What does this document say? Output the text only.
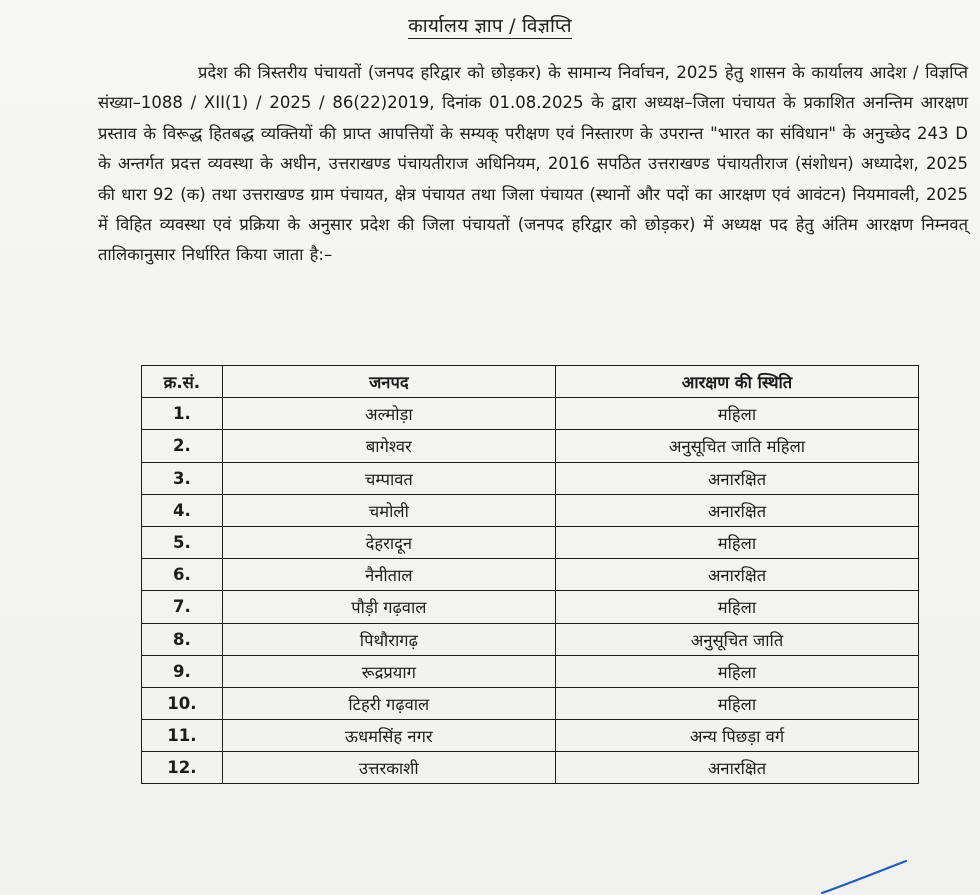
कार्यालय ज्ञाप / विज्ञप्ति
प्रदेश की त्रिस्तरीय पंचायतों (जनपद हरिद्वार को छोड़कर) के सामान्य निर्वाचन, 2025 हेतु शासन के कार्यालय आदेश / विज्ञप्ति संख्या–1088 / XII(1) / 2025 / 86(22)2019, दिनांक 01.08.2025 के द्वारा अध्यक्ष–जिला पंचायत के प्रकाशित अनन्तिम आरक्षण प्रस्ताव के विरूद्ध हितबद्ध व्यक्तियों की प्राप्त आपत्तियों के सम्यक् परीक्षण एवं निस्तारण के उपरान्त "भारत का संविधान" के अनुच्छेद 243 D के अन्तर्गत प्रदत्त व्यवस्था के अधीन, उत्तराखण्ड पंचायतीराज अधिनियम, 2016 सपठित उत्तराखण्ड पंचायतीराज (संशोधन) अध्यादेश, 2025 की धारा 92 (क) तथा उत्तराखण्ड ग्राम पंचायत, क्षेत्र पंचायत तथा जिला पंचायत (स्थानों और पदों का आरक्षण एवं आवंटन) नियमावली, 2025 में विहित व्यवस्था एवं प्रक्रिया के अनुसार प्रदेश की जिला पंचायतों (जनपद हरिद्वार को छोड़कर) में अध्यक्ष पद हेतु अंतिम आरक्षण निम्नवत् तालिकानुसार निर्धारित किया जाता है:–
क्र.सं.	जनपद	आरक्षण की स्थिति
1.	अल्मोड़ा	महिला
2.	बागेश्वर	अनुसूचित जाति महिला
3.	चम्पावत	अनारक्षित
4.	चमोली	अनारक्षित
5.	देहरादून	महिला
6.	नैनीताल	अनारक्षित
7.	पौड़ी गढ़वाल	महिला
8.	पिथौरागढ़	अनुसूचित जाति
9.	रूद्रप्रयाग	महिला
10.	टिहरी गढ़वाल	महिला
11.	ऊधमसिंह नगर	अन्य पिछड़ा वर्ग
12.	उत्तरकाशी	अनारक्षित
